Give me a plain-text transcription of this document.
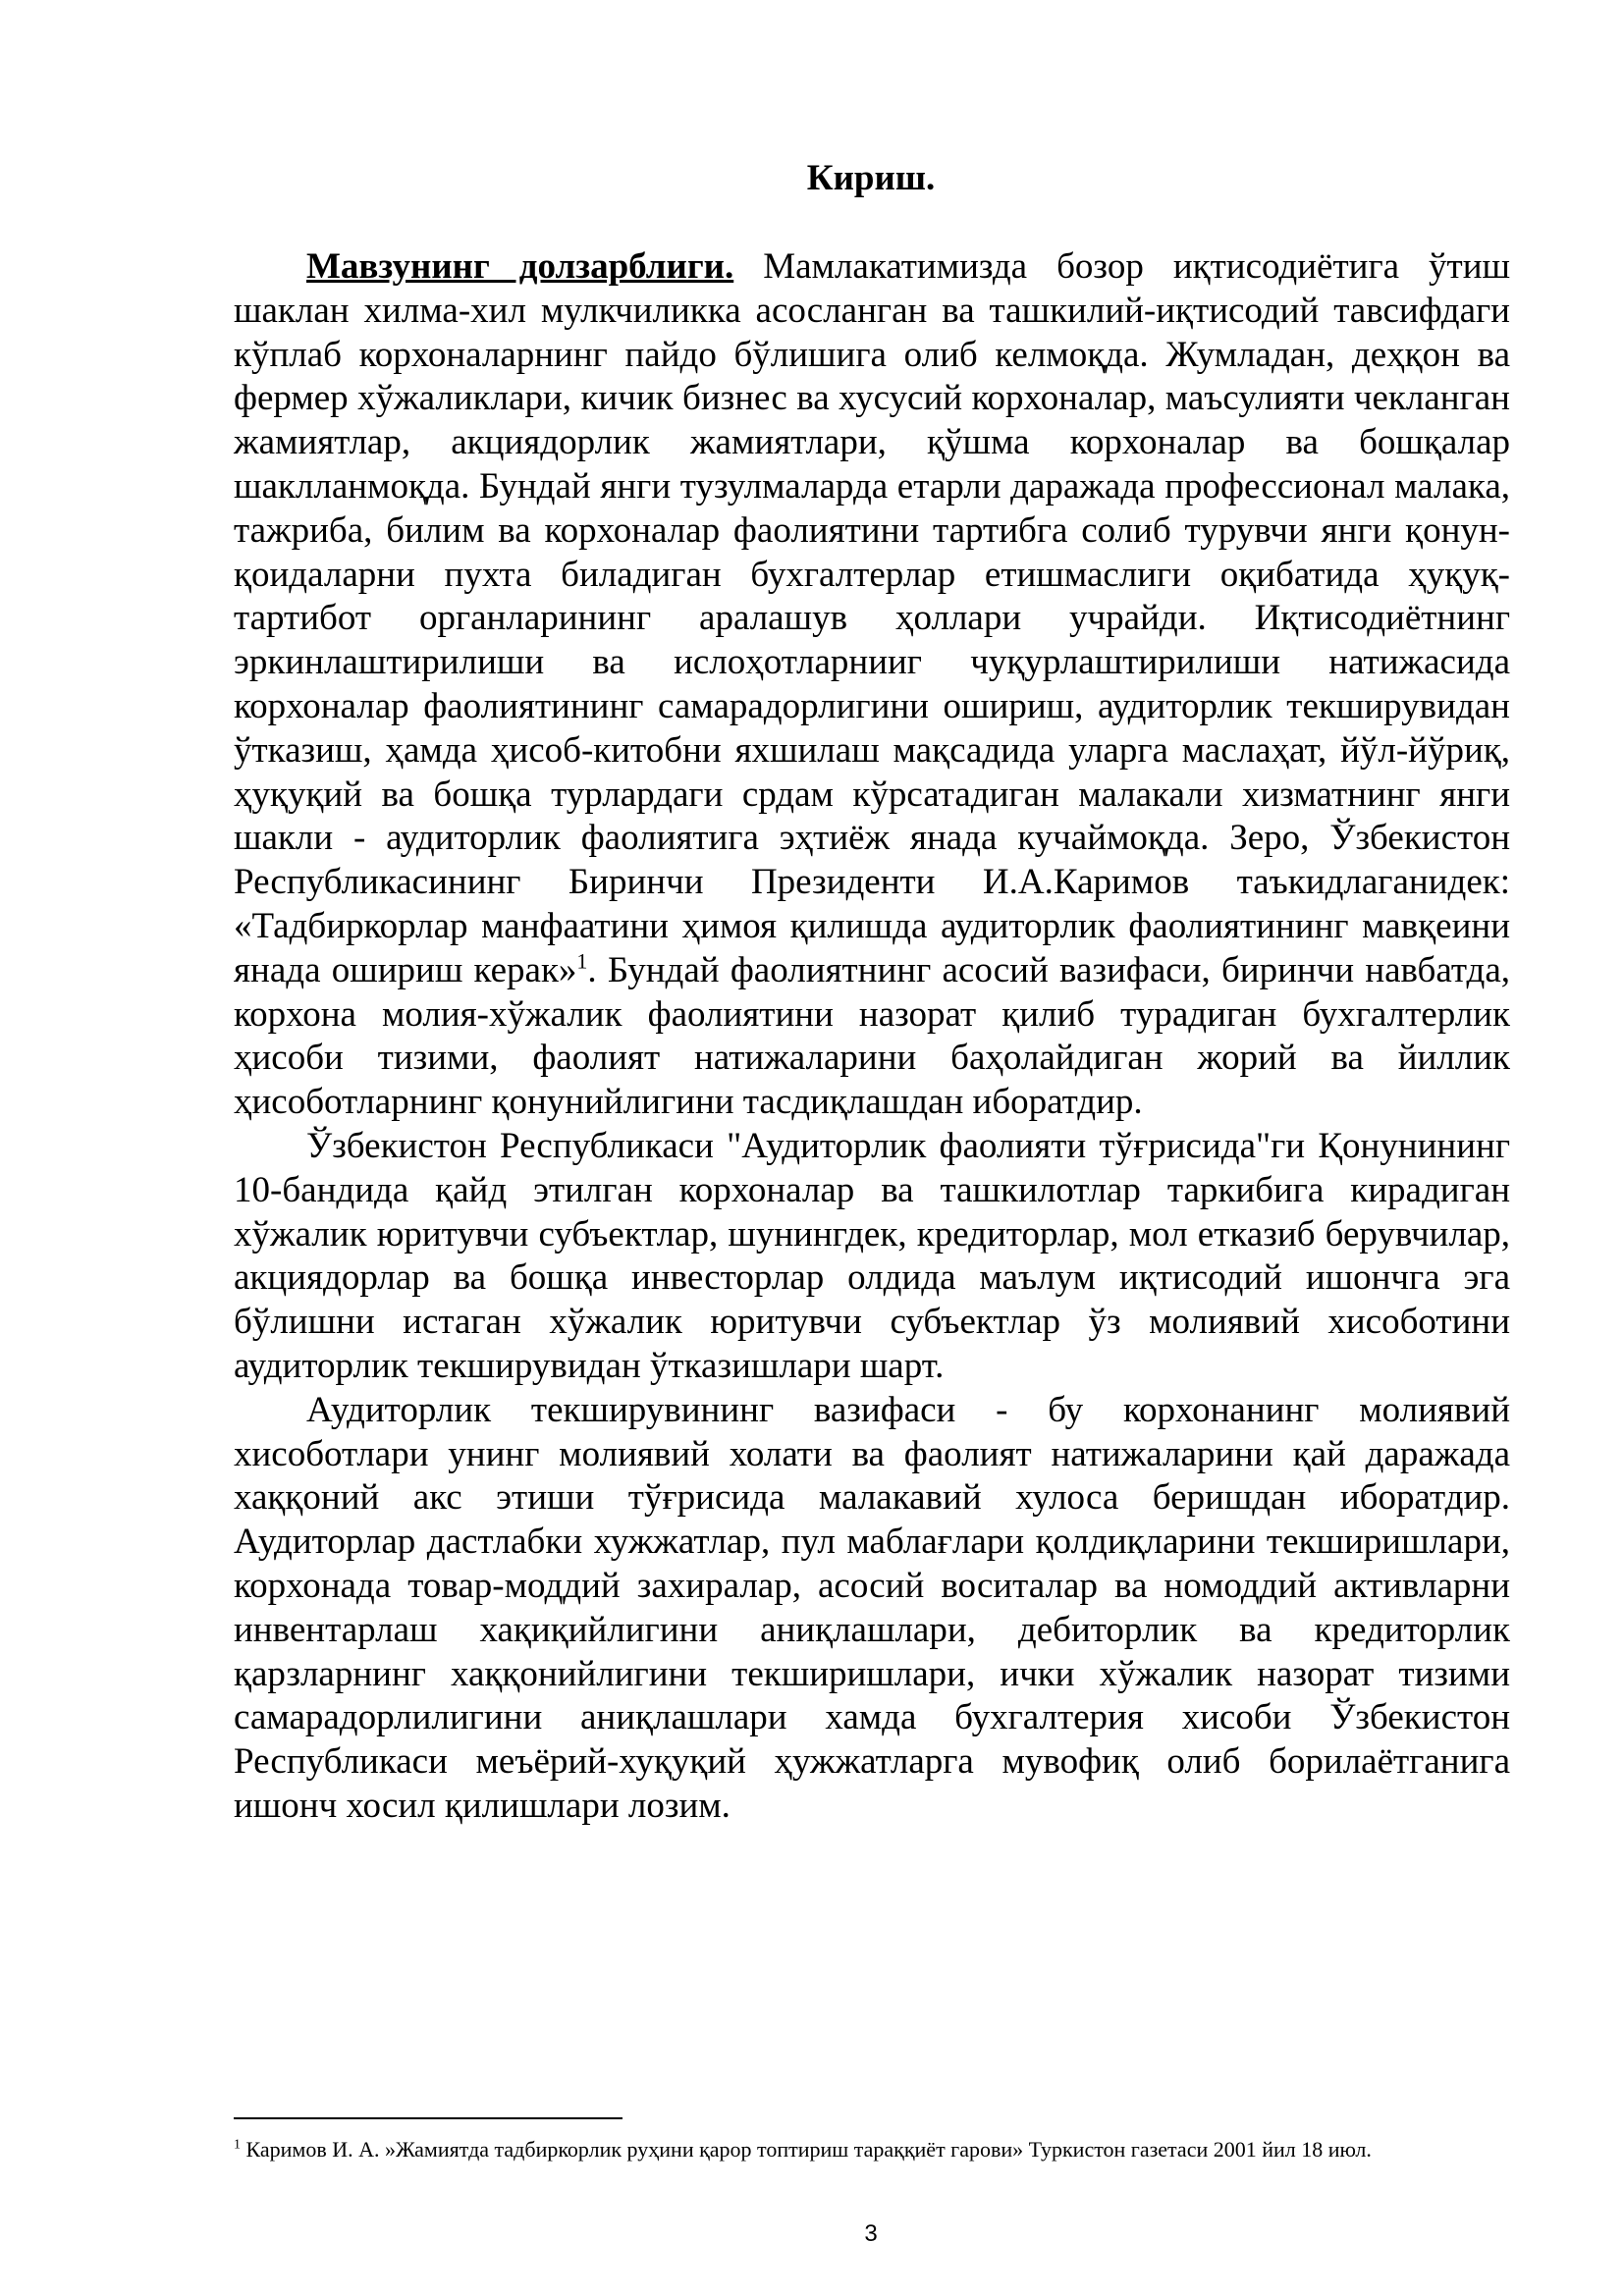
Кириш.

Мавзунинг долзарблиги. Мамлакатимизда бозор иқтисодиётига ўтиш шаклан хилма-хил мулкчиликка асосланган ва ташкилий-иқтисодий тавсифдаги кўплаб корхоналарнинг пайдо бўлишига олиб келмоқда. Жумладан, деҳқон ва фермер хўжаликлари, кичик бизнес ва хусусий корхоналар, маъсулияти чекланган жамиятлар, акциядорлик жамиятлари, қўшма корхоналар ва бошқалар шаклланмоқда. Бундай янги тузулмаларда етарли даражада профессионал малака, тажриба, билим ва корхоналар фаолиятини тартибга солиб турувчи янги қонун-қоидаларни пухта биладиган бухгалтерлар етишмаслиги оқибатида ҳуқуқ-тартибот органларининг аралашув ҳоллари учрайди. Иқтисодиётнинг эркинлаштирилиши ва ислоҳотларнииг чуқурлаштирилиши натижасида корхоналар фаолиятининг самарадорлигини ошириш, аудиторлик текширувидан ўтказиш, ҳамда ҳисоб-китобни яхшилаш мақсадида уларга маслаҳат, йўл-йўриқ, ҳуқуқий ва бошқа турлардаги срдам кўрсатадиган малакали хизматнинг янги шакли - аудиторлик фаолиятига эҳтиёж янада кучаймоқда. Зеро, Ўзбекистон Республикасининг Биринчи Президенти И.А.Каримов таъкидлаганидек: «Тадбиркорлар манфаатини ҳимоя қилишда аудиторлик фаолиятининг мавқеини янада ошириш керак»$^1$. Бундай фаолиятнинг асосий вазифаси, биринчи навбатда, корхона молия-хўжалик фаолиятини назорат қилиб турадиган бухгалтерлик ҳисоби тизими, фаолият натижаларини баҳолайдиган жорий ва йиллик ҳисоботларнинг қонунийлигини тасдиқлашдан иборатдир.

Ўзбекистон Республикаси "Аудиторлик фаолияти тўғрисида"ги Қонунининг 10-бандида қайд этилган корхоналар ва ташкилотлар таркибига кирадиган хўжалик юритувчи субъектлар, шунингдек, кредиторлар, мол етказиб берувчилар, акциядорлар ва бошқа инвесторлар олдида маълум иқтисодий ишончга эга бўлишни истаган хўжалик юритувчи субъектлар ўз молиявий хисоботини аудиторлик текширувидан ўтказишлари шарт.

Аудиторлик текширувининг вазифаси - бу корхонанинг молиявий хисоботлари унинг молиявий холати ва фаолият натижаларини қай даражада хаққоний акс этиши тўғрисида малакавий хулоса беришдан иборатдир. Аудиторлар дастлабки хужжатлар, пул маблағлари қолдиқларини текширишлари, корхонада товар-моддий захиралар, асосий воситалар ва номоддий активларни инвентарлаш хақиқийлигини аниқлашлари, дебиторлик ва кредиторлик қарзларнинг хаққонийлигини текширишлари, ички хўжалик назорат тизими самарадорлилигини аниқлашлари хамда бухгалтерия хисоби Ўзбекистон Республикаси меъёрий-хуқуқий ҳужжатларга мувофиқ олиб борилаётганига ишонч хосил қилишлари лозим.

$^1$ Каримов И. А. »Жамиятда тадбиркорлик руҳини қарор топтириш тараққиёт гарови» Туркистон газетаси 2001 йил 18 июл.
3
